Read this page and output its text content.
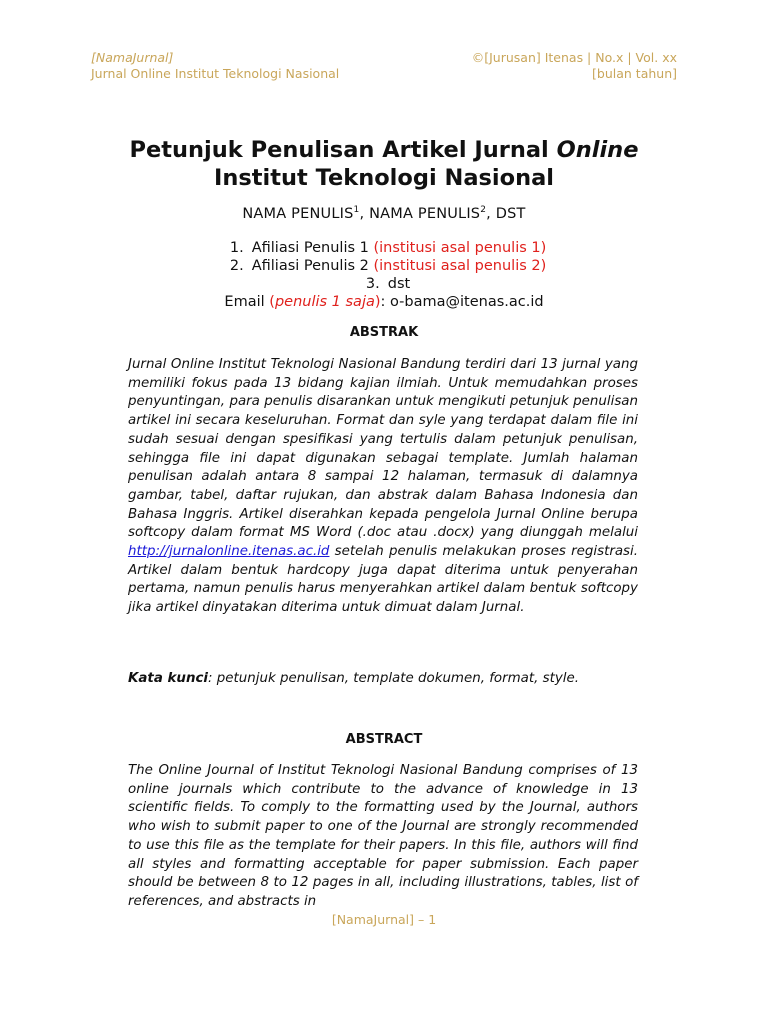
[NamaJurnal]
Jurnal Online Institut Teknologi Nasional
©[Jurusan] Itenas | No.x | Vol. xx
[bulan tahun]
Petunjuk Penulisan Artikel Jurnal Online
Institut Teknologi Nasional
NAMA PENULIS$^1$, NAMA PENULIS$^2$, DST
1. Afiliasi Penulis 1 (institusi asal penulis 1)
2. Afiliasi Penulis 2 (institusi asal penulis 2)
3. dst
Email (penulis 1 saja): o-bama@itenas.ac.id
ABSTRAK

Jurnal Online Institut Teknologi Nasional Bandung terdiri dari 13 jurnal yang memiliki fokus pada 13 bidang kajian ilmiah. Untuk memudahkan proses penyuntingan, para penulis disarankan untuk mengikuti petunjuk penulisan artikel ini secara keseluruhan. Format dan syle yang terdapat dalam file ini sudah sesuai dengan spesifikasi yang tertulis dalam petunjuk penulisan, sehingga file ini dapat digunakan sebagai template. Jumlah halaman penulisan adalah antara 8 sampai 12 halaman, termasuk di dalamnya gambar, tabel, daftar rujukan, dan abstrak dalam Bahasa Indonesia dan Bahasa Inggris. Artikel diserahkan kepada pengelola Jurnal Online berupa softcopy dalam format MS Word (.doc atau .docx) yang diunggah melalui http://jurnalonline.itenas.ac.id setelah penulis melakukan proses registrasi. Artikel dalam bentuk hardcopy juga dapat diterima untuk penyerahan pertama, namun penulis harus menyerahkan artikel dalam bentuk softcopy jika artikel dinyatakan diterima untuk dimuat dalam Jurnal.

Kata kunci: petunjuk penulisan, template dokumen, format, style.
ABSTRACT

The Online Journal of Institut Teknologi Nasional Bandung comprises of 13 online journals which contribute to the advance of knowledge in 13 scientific fields. To comply to the formatting used by the Journal, authors who wish to submit paper to one of the Journal are strongly recommended to use this file as the template for their papers. In this file, authors will find all styles and formatting acceptable for paper submission. Each paper should be between 8 to 12 pages in all, including illustrations, tables, list of references, and abstracts in

[NamaJurnal] – 1
